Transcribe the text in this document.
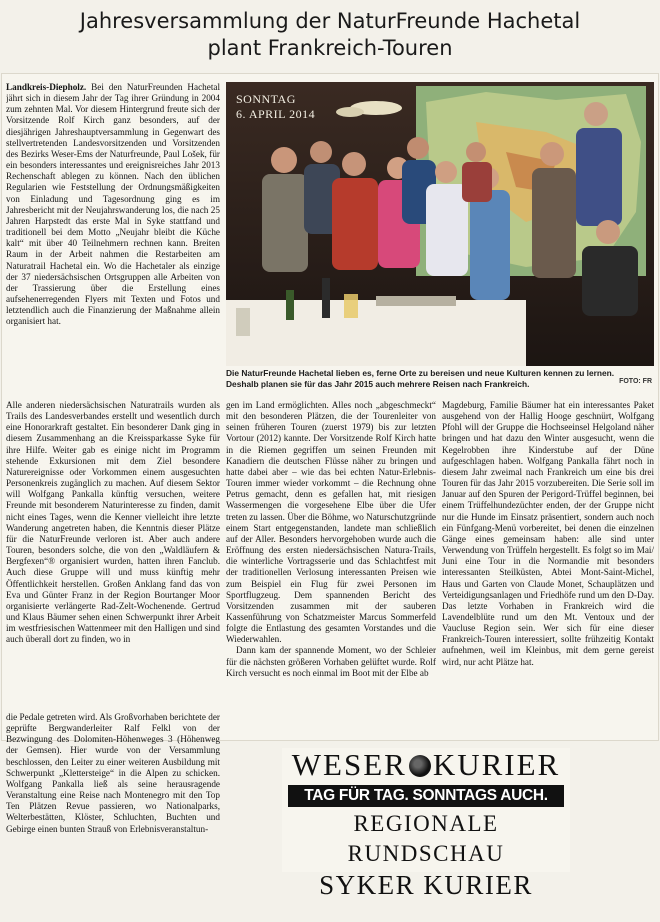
Jahresversammlung der NaturFreunde Hachetal
plant Frankreich-Touren

Landkreis-Diepholz. Bei den NaturFreunden Hachetal jährt sich in diesem Jahr der Tag ihrer Gründung in 2004 zum zehnten Mal. Vor diesem Hintergrund freute sich der Vorsitzende Rolf Kirch ganz besonders, auf der diesjährigen Jahreshauptversammlung in Gegenwart des stellvertretenden Landesvorsitzenden und Vorsitzenden des Bezirks Weser-Ems der Naturfreunde, Paul Lošek, für ein besonders interessantes und ereignisreiches Jahr 2013 Rechenschaft ablegen zu können. Nach den üblichen Regularien wie Feststellung der Ordnungsmäßigkeiten von Einladung und Tagesordnung ging es im Jahresbericht mit der Neujahrswanderung los, die nach 25 Jahren Harpstedt das erste Mal in Syke stattfand und traditionell bei dem Motto „Neujahr bleibt die Küche kalt“ mit über 40 Teilnehmern rechnen kann. Breiten Raum in der Arbeit nahmen die Restarbeiten am Naturatrail Hachetal ein. Wo die Hachetaler als einzige der 37 niedersächsischen Ortsgruppen alle Arbeiten von der Trassierung über die Erstellung eines aufsehenerregenden Flyers mit Texten und Fotos und letztendlich auch die Finanzierung der Maßnahme allein organisiert hat.

Alle anderen niedersächsischen Naturatrails wurden als Trails des Landesverbandes erstellt und wesentlich durch eine Honorarkraft gestaltet. Ein besonderer Dank ging in diesem Zusammenhang an die Kreissparkasse Syke für ihre Hilfe. Weiter gab es einige nicht im Programm stehende Exkursionen mit dem Ziel besondere Naturereignisse oder Vorkommen einem ausgesuchten Personenkreis zugänglich zu machen. Auf diesem Sektor will Wolfgang Pankalla künftig versuchen, weitere Freunde mit besonderem Naturinteresse zu finden, damit nicht eines Tages, wenn die Kenner vielleicht ihre letzte Wanderung angetreten haben, die Kenntnis dieser Plätze für die NaturFreunde verloren ist. Aber auch andere Touren, besonders solche, die von den „Waldläufern & Bergfexen“® organisiert wurden, hatten ihren Fanclub. Auch diese Gruppe will und muss künftig mehr Öffentlichkeit herstellen. Großen Anklang fand das von Eva und Günter Franz in der Region Bourtanger Moor organisierte verlängerte Rad-Zelt-Wochenende. Gertrud und Klaus Bäumer sehen einen Schwerpunkt ihrer Arbeit im westfriesischen Wattenmeer mit den Halligen und sind auch überall dort zu finden, wo in

die Pedale getreten wird. Als Großvorhaben berichtete der geprüfte Bergwanderleiter Ralf Felkl von der Bezwingung des Dolomiten-Höhenweges 3 (Höhenweg der Gemsen). Hier wurde von der Versammlung beschlossen, den Leiter zu einer weiteren Ausbildung mit Schwerpunkt „Klettersteige“ in die Alpen zu schicken. Wolfgang Pankalla ließ als seine herausragende Veranstaltung eine Reise nach Montenegro mit den Top Ten Plätzen Revue passieren, wo Nationalparks, Welterbestätten, Klöster, Schluchten, Buchten und Gebirge einen bunten Strauß von Erlebnisveranstaltun-

gen im Land ermöglichten. Alles noch „abgeschmeckt“ mit den besonderen Plätzen, die der Tourenleiter von seinen früheren Touren (zuerst 1979) bis zur letzten Vortour (2012) kannte. Der Vorsitzende Rolf Kirch hatte in die Riemen gegriffen um seinen Freunden mit Kanadiern die deutschen Flüsse näher zu bringen und hatte dabei aber – wie das bei echten Natur-Erlebnis-Touren immer wieder vorkommt – die Rechnung ohne Petrus gemacht, denn es gefallen hat, mit riesigen Wassermengen die vorgesehene Elbe über die Ufer treten zu lassen. Über die Böhme, wo Naturschutzgründe einem Start entgegenstanden, landete man schließlich auf der Aller. Besonders hervorgehoben wurde auch die Eröffnung des ersten niedersächsischen Natura-Trails, die winterliche Vortragsserie und das Schlachtfest mit der traditionellen Verlosung interessanten Preisen wie zum Beispiel ein Flug für zwei Personen im Sportflugzeug. Dem spannenden Bericht des Vorsitzenden zusammen mit der sauberen Kassenführung von Schatzmeister Marcus Sommerfeld folgte die Entlastung des gesamten Vorstandes und die Wiederwahlen.

Dann kam der spannende Moment, wo der Schleier für die nächsten größeren Vorhaben gelüftet wurde. Rolf Kirch versucht es noch einmal im Boot mit der Elbe ab

Magdeburg, Familie Bäumer hat ein interessantes Paket ausgehend von der Hallig Hooge geschnürt, Wolfgang Pfohl will der Gruppe die Hochseeinsel Helgoland näher bringen und hat dazu den Winter ausgesucht, wenn die Kegelrobben ihre Kinderstube auf der Düne aufgeschlagen haben. Wolfgang Pankalla fährt noch in diesem Jahr zweimal nach Frankreich um eine bis drei Touren für das Jahr 2015 vorzubereiten. Die Serie soll im Januar auf den Spuren der Perigord-Trüffel beginnen, bei einem Trüffelhundezüchter enden, der der Gruppe nicht nur die Hunde im Einsatz präsentiert, sondern auch noch ein Fünfgang-Menü vorbereitet, bei denen die einzelnen Gänge eines gemeinsam haben: alle sind unter Verwendung von Trüffeln hergestellt. Es folgt so im Mai/ Juni eine Tour in die Normandie mit besonders interessanten Steilküsten, Abtei Mont-Saint-Michel, Haus und Garten von Claude Monet, Schauplätzen und Verteidigungsanlagen und Friedhöfe rund um den D-Day. Das letzte Vorhaben in Frankreich wird die Lavendelblüte rund um den Mt. Ventoux und der Vaucluse Region sein. Wer sich für eine dieser Frankreich-Touren interessiert, sollte frühzeitig Kontakt aufnehmen, weil im Kleinbus, mit dem gerne gereist wird, nur acht Plätze hat.

SONNTAG
6. APRIL 2014
Die NaturFreunde Hachetal lieben es, ferne Orte zu bereisen und neue Kulturen kennen zu lernen.
Deshalb planen sie für das Jahr 2015 auch mehrere Reisen nach Frankreich.	FOTO: FR
WESER KURIER
TAG FÜR TAG. SONNTAGS AUCH.
REGIONALE RUNDSCHAU
SYKER KURIER
